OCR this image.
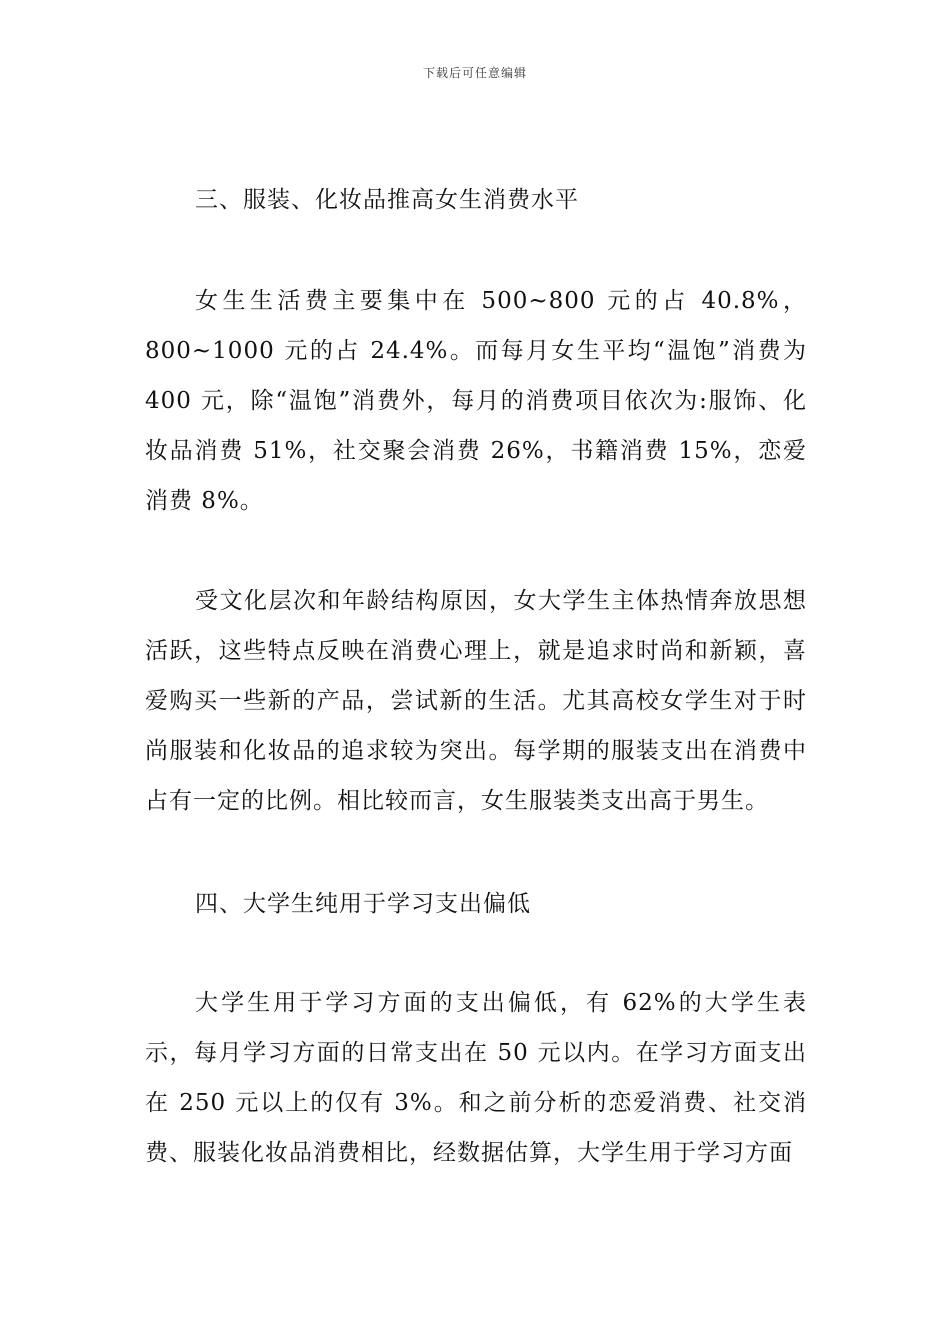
下载后可任意编辑

三、服装、化妆品推高女生消费水平

女生生活费主要集中在 500~800 元的占 40.8%，800~1000 元的占 24.4%。而每月女生平均“温饱”消费为 400 元，除“温饱”消费外，每月的消费项目依次为:服饰、化妆品消费 51%，社交聚会消费 26%，书籍消费 15%，恋爱消费 8%。

受文化层次和年龄结构原因，女大学生主体热情奔放思想活跃，这些特点反映在消费心理上，就是追求时尚和新颖，喜爱购买一些新的产品，尝试新的生活。尤其高校女学生对于时尚服装和化妆品的追求较为突出。每学期的服装支出在消费中占有一定的比例。相比较而言，女生服装类支出高于男生。

四、大学生纯用于学习支出偏低

大学生用于学习方面的支出偏低，有 62%的大学生表示，每月学习方面的日常支出在 50 元以内。在学习方面支出在 250 元以上的仅有 3%。和之前分析的恋爱消费、社交消费、服装化妆品消费相比，经数据估算，大学生用于学习方面
